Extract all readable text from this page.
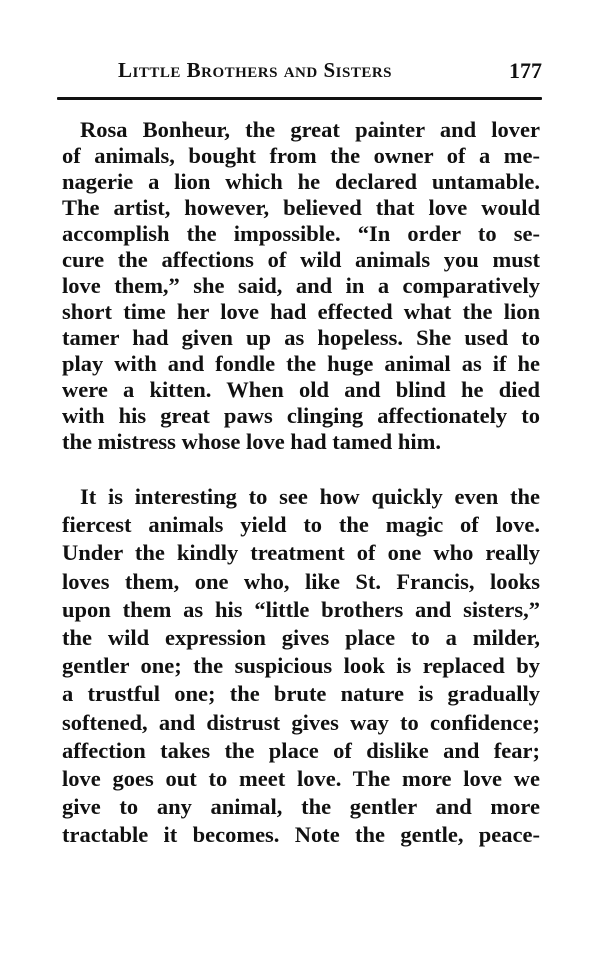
Little Brothers and Sisters	177
Rosa Bonheur, the great painter and lover
of animals, bought from the owner of a me-
nagerie a lion which he declared untamable.
The artist, however, believed that love would
accomplish the impossible. “In order to se-
cure the affections of wild animals you must
love them,” she said, and in a comparatively
short time her love had effected what the lion
tamer had given up as hopeless. She used to
play with and fondle the huge animal as if he
were a kitten. When old and blind he died
with his great paws clinging affectionately to
the mistress whose love had tamed him.
It is interesting to see how quickly even the
fiercest animals yield to the magic of love.
Under the kindly treatment of one who really
loves them, one who, like St. Francis, looks
upon them as his “little brothers and sisters,”
the wild expression gives place to a milder,
gentler one; the suspicious look is replaced by
a trustful one; the brute nature is gradually
softened, and distrust gives way to confidence;
affection takes the place of dislike and fear;
love goes out to meet love. The more love we
give to any animal, the gentler and more
tractable it becomes. Note the gentle, peace-
